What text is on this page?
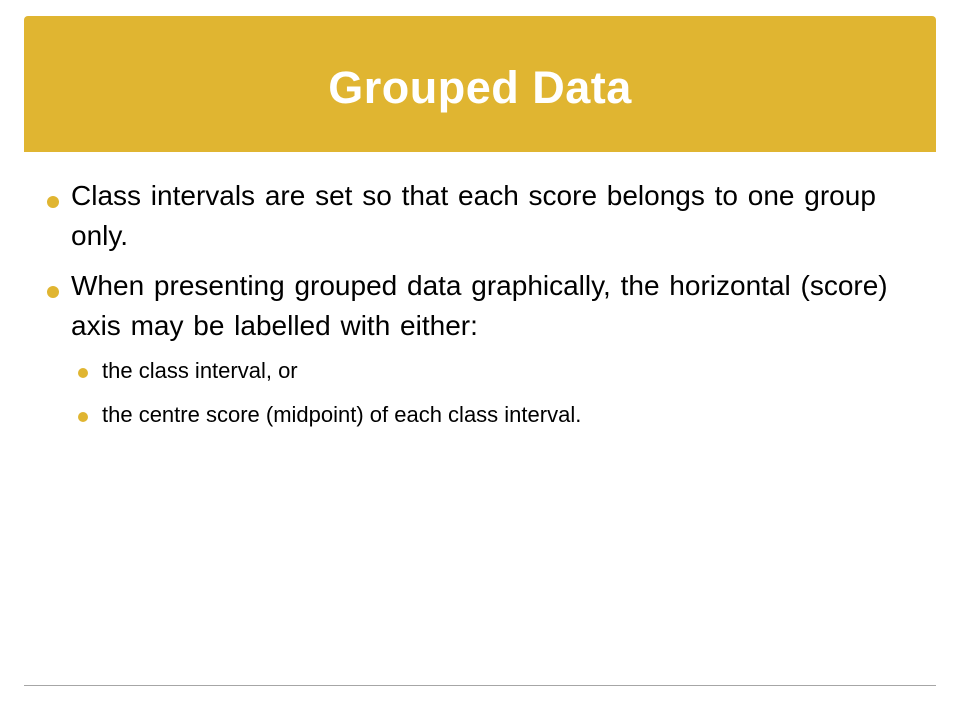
Grouped Data
Class intervals are set so that each score belongs to one group only.
When presenting grouped data graphically, the horizontal (score) axis may be labelled with either:
the class interval, or
the centre score (midpoint) of each class interval.
